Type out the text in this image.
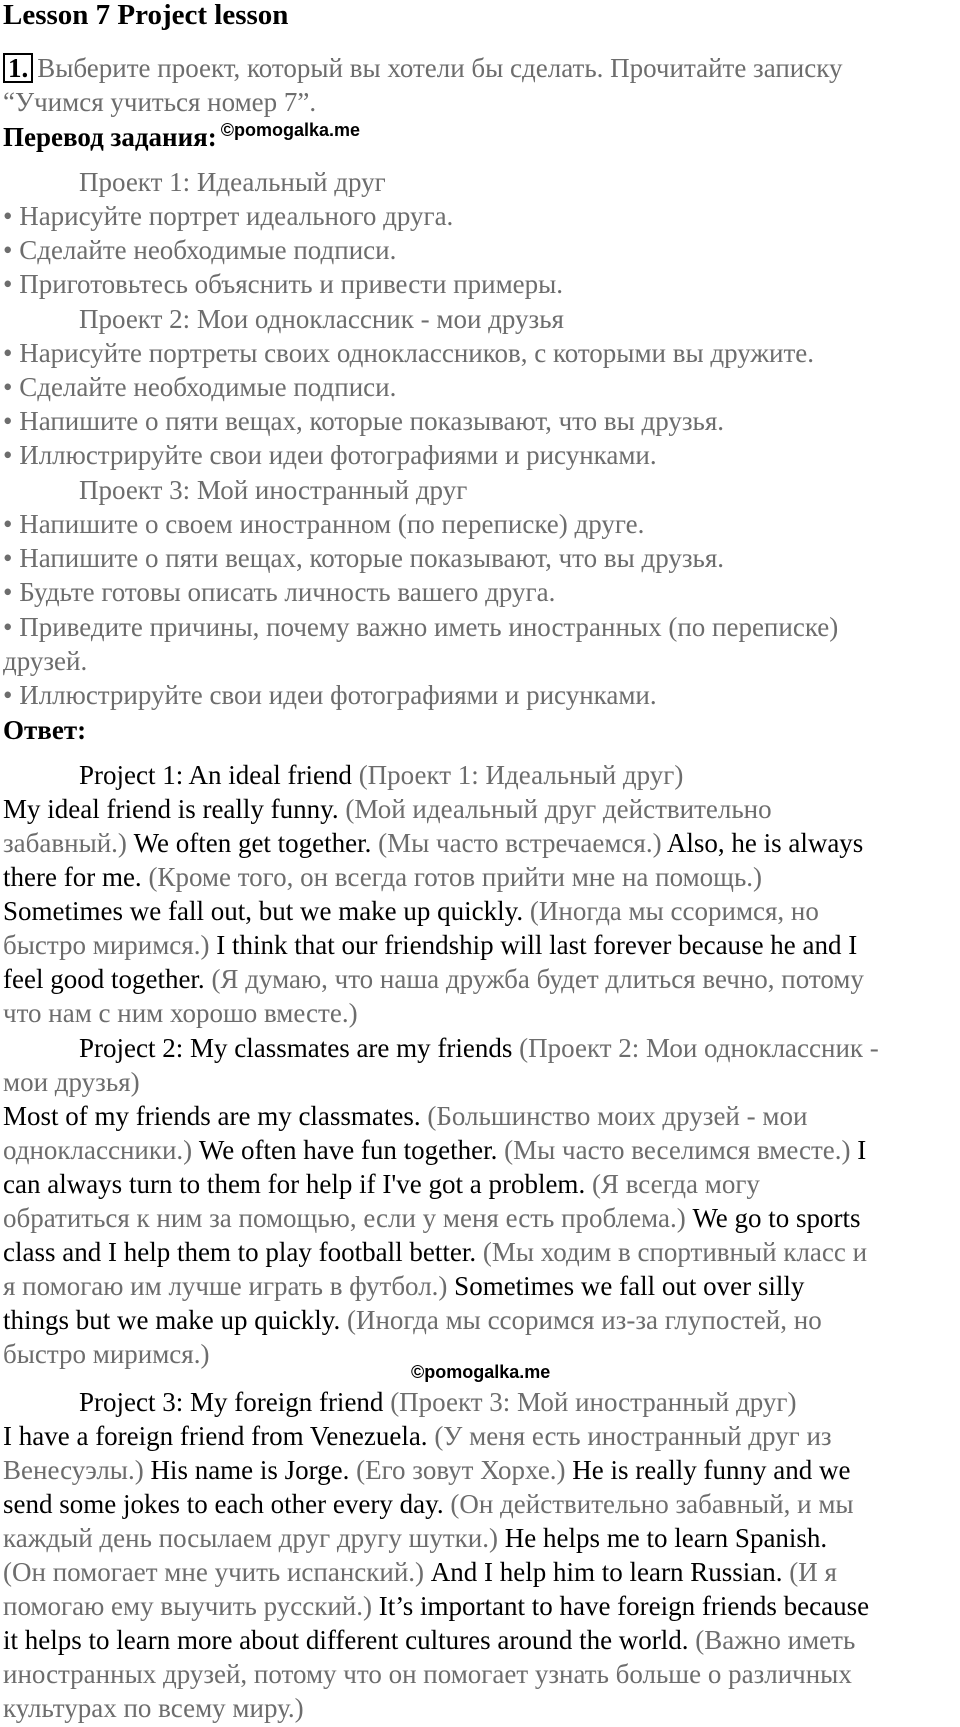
Lesson 7 Project lesson
1. Выберите проект, который вы хотели бы сделать. Прочитайте записку
“Учимся учиться номер 7”.
Перевод задания: $^{©pomogalka.me}$
Проект 1: Идеальный друг
• Нарисуйте портрет идеального друга.
• Сделайте необходимые подписи.
• Приготовьтесь объяснить и привести примеры.
Проект 2: Мои одноклассник - мои друзья
• Нарисуйте портреты своих одноклассников, с которыми вы дружите.
• Сделайте необходимые подписи.
• Напишите о пяти вещах, которые показывают, что вы друзья.
• Иллюстрируйте свои идеи фотографиями и рисунками.
Проект 3: Мой иностранный друг
• Напишите о своем иностранном (по переписке) друге.
• Напишите о пяти вещах, которые показывают, что вы друзья.
• Будьте готовы описать личность вашего друга.
• Приведите причины, почему важно иметь иностранных (по переписке)
друзей.
• Иллюстрируйте свои идеи фотографиями и рисунками.
Ответ:
Project 1: An ideal friend (Проект 1: Идеальный друг)
My ideal friend is really funny. (Мой идеальный друг действительно
забавный.) We often get together. (Мы часто встречаемся.) Also, he is always
there for me. (Кроме того, он всегда готов прийти мне на помощь.)
Sometimes we fall out, but we make up quickly. (Иногда мы ссоримся, но
быстро миримся.) I think that our friendship will last forever because he and I
feel good together. (Я думаю, что наша дружба будет длиться вечно, потому
что нам с ним хорошо вместе.)
Project 2: My classmates are my friends (Проект 2: Мои одноклассник -
мои друзья)
Most of my friends are my classmates. (Большинство моих друзей - мои
одноклассники.) We often have fun together. (Мы часто веселимся вместе.) I
can always turn to them for help if I've got a problem. (Я всегда могу
обратиться к ним за помощью, если у меня есть проблема.) We go to sports
class and I help them to play football better. (Мы ходим в спортивный класс и
я помогаю им лучше играть в футбол.) Sometimes we fall out over silly
things but we make up quickly. (Иногда мы ссоримся из-за глупостей, но
быстро миримся.)
©pomogalka.me
Project 3: My foreign friend (Проект 3: Мой иностранный друг)
I have a foreign friend from Venezuela. (У меня есть иностранный друг из
Венесуэлы.) His name is Jorge. (Его зовут Хорхе.) He is really funny and we
send some jokes to each other every day. (Он действительно забавный, и мы
каждый день посылаем друг другу шутки.) He helps me to learn Spanish.
(Он помогает мне учить испанский.) And I help him to learn Russian. (И я
помогаю ему выучить русский.) It’s important to have foreign friends because
it helps to learn more about different cultures around the world. (Важно иметь
иностранных друзей, потому что он помогает узнать больше о различных
культурах по всему миру.)
